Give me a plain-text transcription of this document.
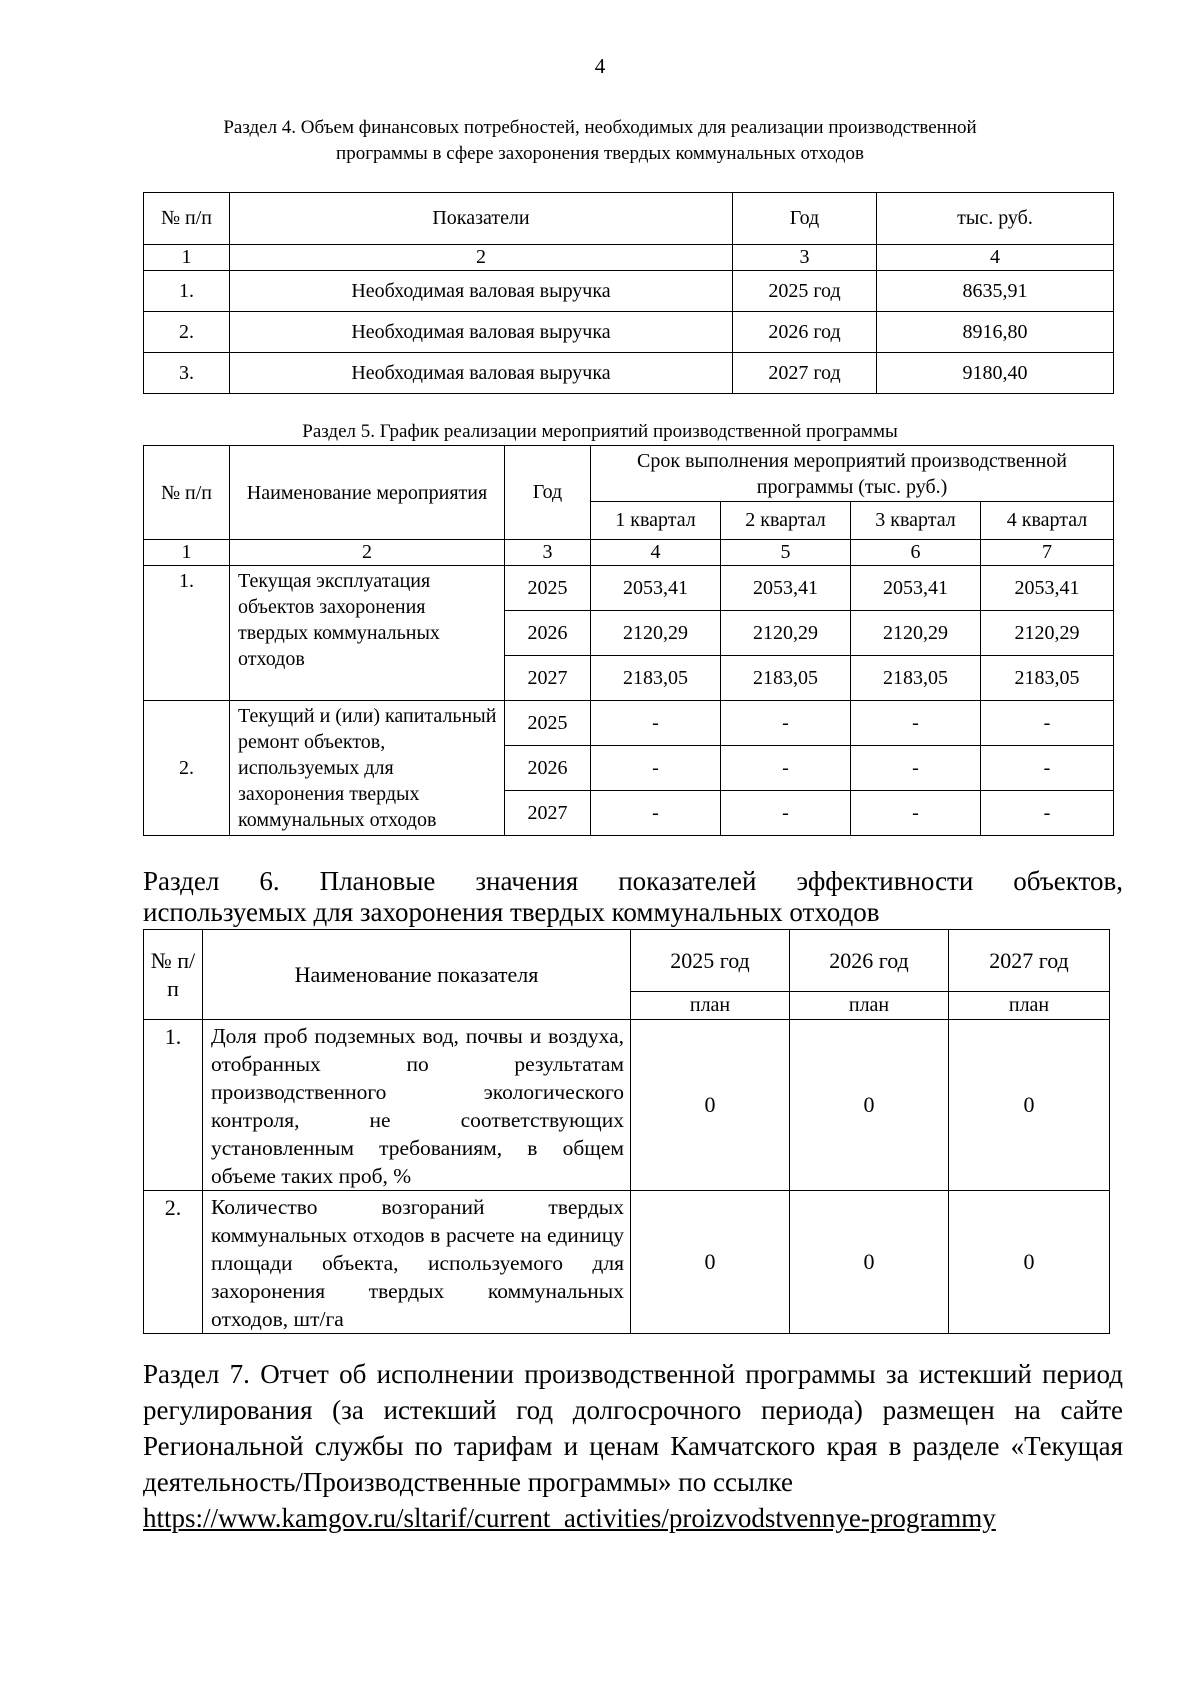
4
Раздел 4. Объем финансовых потребностей, необходимых для реализации производственной
программы в сфере захоронения твердых коммунальных отходов
№ п/п	Показатели	Год	тыс. руб.
1	2	3	4
1.	Необходимая валовая выручка	2025 год	8635,91
2.	Необходимая валовая выручка	2026 год	8916,80
3.	Необходимая валовая выручка	2027 год	9180,40
Раздел 5. График реализации мероприятий производственной программы
№ п/п	Наименование мероприятия	Год	Срок выполнения мероприятий производственной программы (тыс. руб.)			
			1 квартал	2 квартал	3 квартал	4 квартал
1	2	3	4	5	6	7
1.	Текущая эксплуатация объектов захоронения твердых коммунальных отходов	2025	2053,41	2053,41	2053,41	2053,41
		2026	2120,29	2120,29	2120,29	2120,29
		2027	2183,05	2183,05	2183,05	2183,05
2.	Текущий и (или) капитальный ремонт объектов, используемых для захоронения твердых коммунальных отходов	2025	-	-	-	-
		2026	-	-	-	-
		2027	-	-	-	-
Раздел 6. Плановые значения показателей эффективности объектов,
используемых для захоронения твердых коммунальных отходов
№ п/п	Наименование показателя	2025 год	2026 год	2027 год
		план	план	план
1.	Доля проб подземных вод, почвы и воздуха, отобранных по результатам производственного экологического контроля, не соответствующих установленным требованиям, в общем объеме таких проб, %	0	0	0
2.	Количество возгораний твердых коммунальных отходов в расчете на единицу площади объекта, используемого для захоронения твердых коммунальных отходов, шт/га	0	0	0
Раздел 7. Отчет об исполнении производственной программы за истекший период регулирования (за истекший год долгосрочного периода) размещен на сайте Региональной службы по тарифам и ценам Камчатского края в разделе «Текущая деятельность/Производственные программы» по ссылке
https://www.kamgov.ru/sltarif/current_activities/proizvodstvennye-programmy
